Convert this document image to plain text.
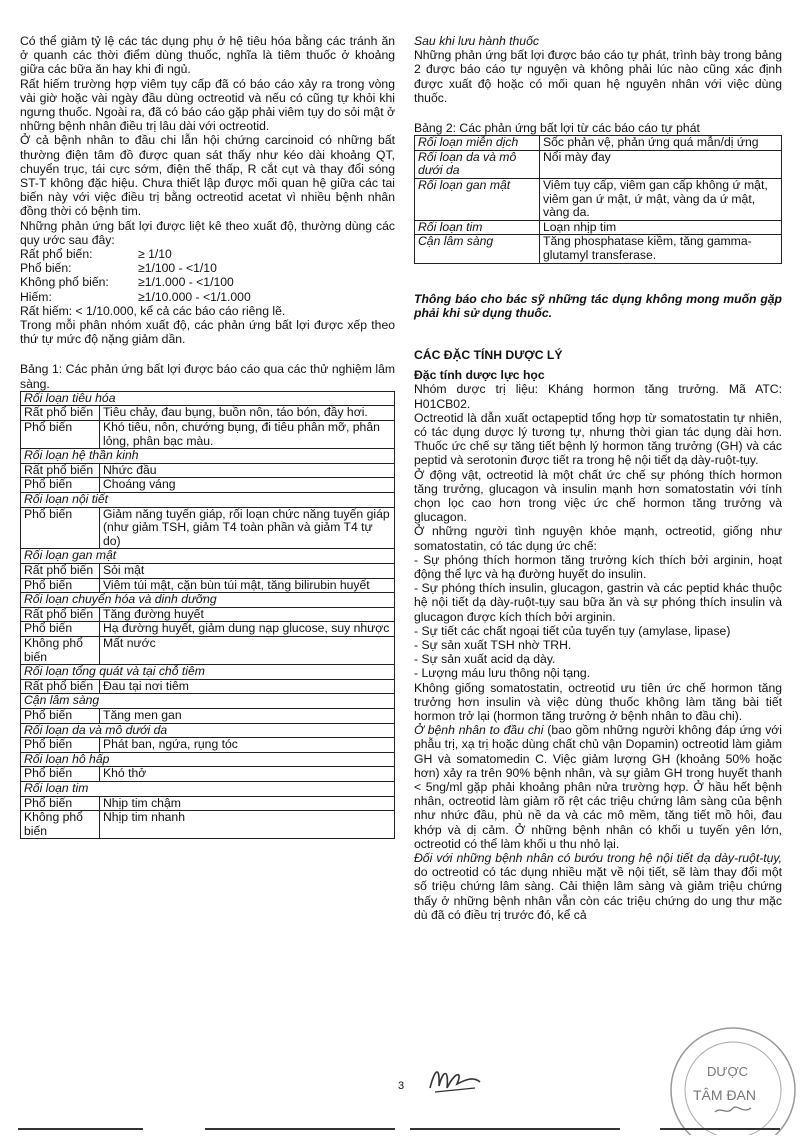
Có thể giảm tỷ lệ các tác dụng phụ ở hệ tiêu hóa bằng các tránh ăn ở quanh các thời điểm dùng thuốc, nghĩa là tiêm thuốc ở khoảng giữa các bữa ăn hay khi đi ngủ.

Rất hiếm trường hợp viêm tụy cấp đã có báo cáo xảy ra trong vòng vài giờ hoặc vài ngày đầu dùng octreotid và nếu có cũng tự khỏi khi ngưng thuốc. Ngoài ra, đã có báo cáo gặp phải viêm tụy do sỏi mật ở những bệnh nhân điều trị lâu dài với octreotid.

Ở cả bệnh nhân to đầu chi lẫn hội chứng carcinoid có những bất thường điện tâm đồ được quan sát thấy như kéo dài khoảng QT, chuyển trục, tái cực sớm, điện thế thấp, R cắt cụt và thay đổi sóng ST-T không đặc hiệu. Chưa thiết lập được mối quan hệ giữa các tai biến này với việc điều trị bằng octreotid acetat vì nhiều bệnh nhân đồng thời có bệnh tim.

Những phản ứng bất lợi được liệt kê theo xuất độ, thường dùng các quy ước sau đây:

Rất phổ biến:	≥ 1/10
Phổ biến:	≥1/100 - <1/10
Không phổ biến:	≥1/1.000 - <1/100
Hiếm:	≥1/10.000 - <1/1.000
Rất hiếm: < 1/10.000, kể cả các báo cáo riêng lẽ.

Trong mỗi phân nhóm xuất độ, các phản ứng bất lợi được xếp theo thứ tự mức độ nặng giảm dần.

Bảng 1: Các phản ứng bất lợi được báo cáo qua các thử nghiệm lâm sàng.

Rối loạn tiêu hóa	
Rất phổ biến	Tiêu chảy, đau bụng, buồn nôn, táo bón, đầy hơi.
Phổ biến	Khó tiêu, nôn, chướng bụng, đi tiêu phân mỡ, phân lỏng, phân bạc màu.
Rối loạn hệ thần kinh	
Rất phổ biến	Nhức đầu
Phổ biến	Choáng váng
Rối loạn nội tiết	
Phổ biến	Giảm năng tuyến giáp, rối loạn chức năng tuyến giáp (như giảm TSH, giảm T4 toàn phần và giảm T4 tự do)
Rối loạn gan mật	
Rất phổ biến	Sỏi mật
Phổ biến	Viêm túi mật, cặn bùn túi mật, tăng bilirubin huyết
Rối loạn chuyển hóa và dinh dưỡng	
Rất phổ biến	Tăng đường huyết
Phổ biến	Hạ đường huyết, giảm dung nạp glucose, suy nhược
Không phổ biến	Mất nước
Rối loạn tổng quát và tại chỗ tiêm	
Rất phổ biến	Đau tại nơi tiêm
Cận lâm sàng	
Phổ biến	Tăng men gan
Rối loạn da và mô dưới da	
Phổ biến	Phát ban, ngứa, rụng tóc
Rối loạn hô hấp	
Phổ biến	Khó thở
Rối loạn tim	
Phổ biến	Nhịp tim chậm
Không phổ biến	Nhịp tim nhanh

Sau khi lưu hành thuốc

Những phản ứng bất lợi được báo cáo tự phát, trình bày trong bảng 2 được báo cáo tự nguyện và không phải lúc nào cũng xác định được xuất độ hoặc có mối quan hệ nguyên nhân với việc dùng thuốc.

Bảng 2: Các phản ứng bất lợi từ các báo cáo tự phát

Rối loạn miễn dịch	Sốc phản vệ, phản ứng quá mẫn/dị ứng
Rối loạn da và mô dưới da	Nổi mày đay
Rối loạn gan mật	Viêm tụy cấp, viêm gan cấp không ứ mật, viêm gan ứ mật, ứ mật, vàng da ứ mật, vàng da.
Rối loạn tim	Loạn nhịp tim
Cận lâm sàng	Tăng phosphatase kiềm, tăng gamma-glutamyl transferase.

Thông báo cho bác sỹ những tác dụng không mong muốn gặp phải khi sử dụng thuốc.

CÁC ĐẶC TÍNH DƯỢC LÝ

Đặc tính dược lực học

Nhóm dược trị liệu: Kháng hormon tăng trưởng. Mã ATC: H01CB02.

Octreotid là dẫn xuất octapeptid tổng hợp từ somatostatin tự nhiên, có tác dụng dược lý tương tự, nhưng thời gian tác dụng dài hơn. Thuốc ức chế sự tăng tiết bệnh lý hormon tăng trưởng (GH) và các peptid và serotonin được tiết ra trong hệ nội tiết dạ dày-ruột-tụy.

Ở động vật, octreotid là một chất ức chế sự phóng thích hormon tăng trưởng, glucagon và insulin mạnh hơn somatostatin với tính chọn lọc cao hơn trong việc ức chế hormon tăng trưởng và glucagon.

Ở những người tình nguyện khỏe mạnh, octreotid, giống như somatostatin, có tác dụng ức chế:

- Sự phóng thích hormon tăng trưởng kích thích bởi arginin, hoạt động thể lực và hạ đường huyết do insulin.

- Sự phóng thích insulin, glucagon, gastrin và các peptid khác thuộc hệ nội tiết dạ dày-ruột-tụy sau bữa ăn và sự phóng thích insulin và glucagon được kích thích bởi arginin.

- Sự tiết các chất ngoại tiết của tuyến tụy (amylase, lipase)

- Sự sản xuất TSH nhờ TRH.

- Sự sản xuất acid dạ dày.

- Lượng máu lưu thông nội tạng.

Không giống somatostatin, octreotid ưu tiên ức chế hormon tăng trưởng hơn insulin và việc dùng thuốc không làm tăng bài tiết hormon trở lại (hormon tăng trưởng ở bệnh nhân to đầu chi).

Ở bệnh nhân to đầu chi (bao gồm những người không đáp ứng với phẫu trị, xạ trị hoặc dùng chất chủ vận Dopamin) octreotid làm giảm GH và somatomedin C. Việc giảm lượng GH (khoảng 50% hoặc hơn) xảy ra trên 90% bệnh nhân, và sự giảm GH trong huyết thanh < 5ng/ml gặp phải khoảng phân nửa trường hợp. Ở hầu hết bệnh nhân, octreotid làm giảm rõ rệt các triệu chứng lâm sàng của bệnh như nhức đầu, phù nề da và các mô mềm, tăng tiết mồ hôi, đau khớp và dị cảm. Ở những bệnh nhân có khối u tuyến yên lớn, octreotid có thể làm khối u thu nhỏ lại.

Đối với những bệnh nhân có bướu trong hệ nội tiết dạ dày-ruột-tụy, do octreotid có tác dụng nhiều mặt về nội tiết, sẽ làm thay đổi một số triệu chứng lâm sàng. Cải thiện lâm sàng và giảm triệu chứng thấy ở những bệnh nhân vẫn còn các triệu chứng do ung thư mặc dù đã có điều trị trước đó, kể cả

3
DƯỢC
TÂM ĐAN
